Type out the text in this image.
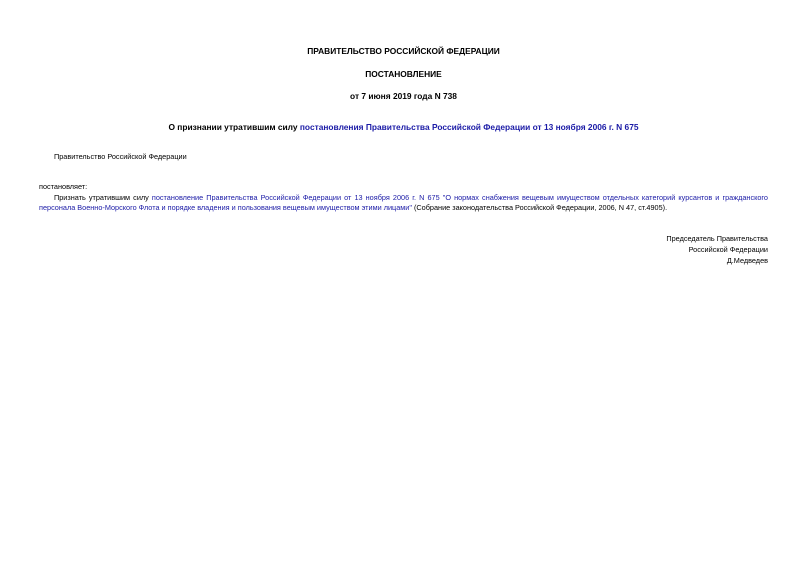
ПРАВИТЕЛЬСТВО РОССИЙСКОЙ ФЕДЕРАЦИИ
ПОСТАНОВЛЕНИЕ
от 7 июня 2019 года N 738
О признании утратившим силу постановления Правительства Российской Федерации от 13 ноября 2006 г. N 675
Правительство Российской Федерации
постановляет:
Признать утратившим силу постановление Правительства Российской Федерации от 13 ноября 2006 г. N 675 "О нормах снабжения вещевым имуществом отдельных категорий курсантов и гражданского персонала Военно-Морского Флота и порядке владения и пользования вещевым имуществом этими лицами" (Собрание законодательства Российской Федерации, 2006, N 47, ст.4905).
Председатель Правительства
Российской Федерации
Д.Медведев
